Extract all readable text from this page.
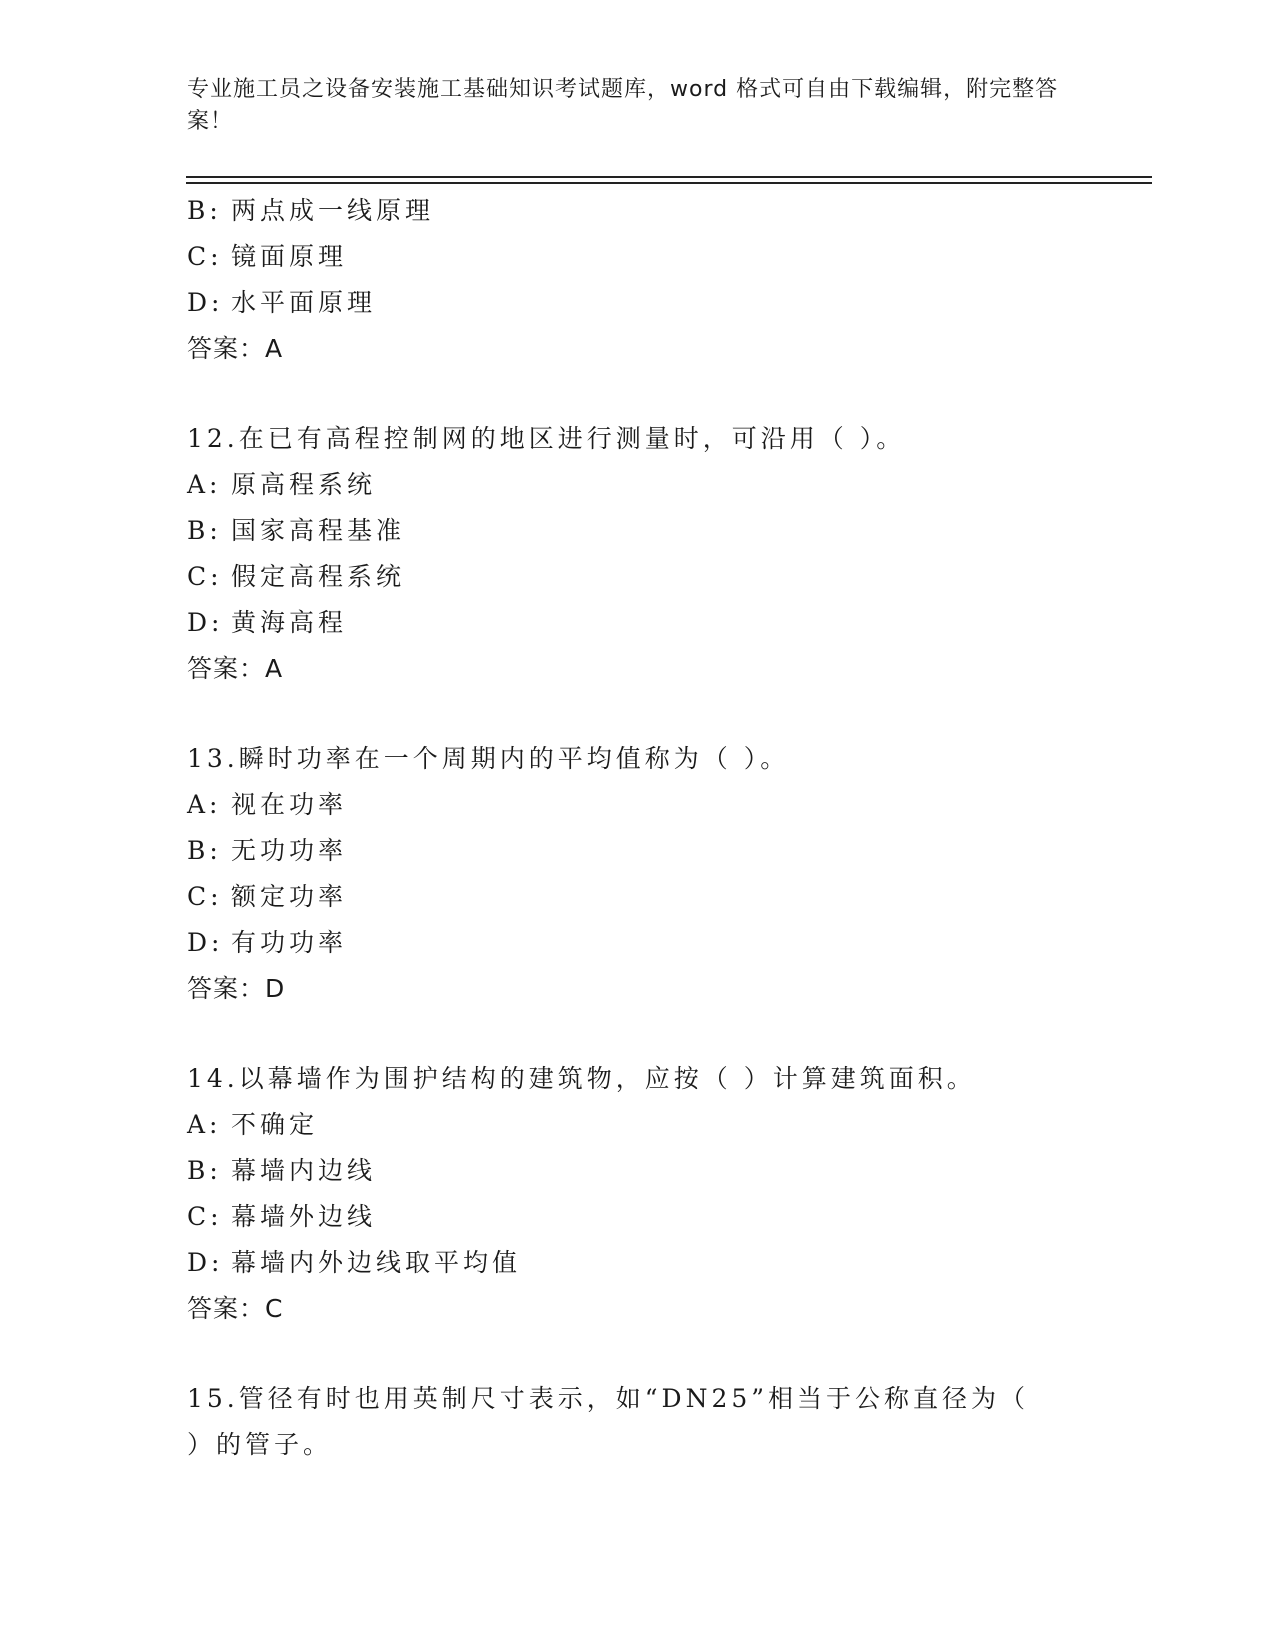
专业施工员之设备安装施工基础知识考试题库，word 格式可自由下载编辑，附完整答案！
B: 两点成一线原理
C: 镜面原理
D: 水平面原理
答案：A
12.在已有高程控制网的地区进行测量时，可沿用（ ）。
A: 原高程系统
B: 国家高程基准
C: 假定高程系统
D: 黄海高程
答案：A
13.瞬时功率在一个周期内的平均值称为（ ）。
A: 视在功率
B: 无功功率
C: 额定功率
D: 有功功率
答案：D
14.以幕墙作为围护结构的建筑物，应按（ ）计算建筑面积。
A: 不确定
B: 幕墙内边线
C: 幕墙外边线
D: 幕墙内外边线取平均值
答案：C
15.管径有时也用英制尺寸表示，如“DN25”相当于公称直径为（ ）的管子。
